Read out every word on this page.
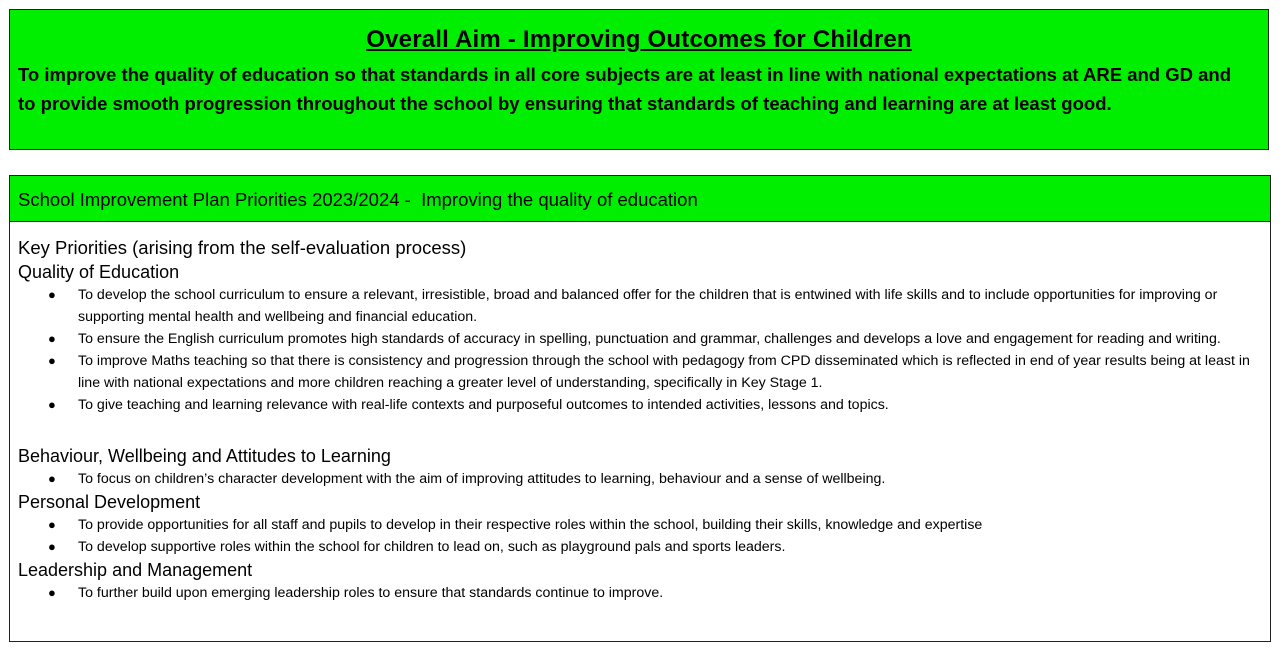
Overall Aim - Improving Outcomes for Children
To improve the quality of education so that standards in all core subjects are at least in line with national expectations at ARE and GD and to provide smooth progression throughout the school by ensuring that standards of teaching and learning are at least good.
School Improvement Plan Priorities 2023/2024 -  Improving the quality of education
Key Priorities (arising from the self-evaluation process)
Quality of Education
● To develop the school curriculum to ensure a relevant, irresistible, broad and balanced offer for the children that is entwined with life skills and to include opportunities for improving or supporting mental health and wellbeing and financial education.
● To ensure the English curriculum promotes high standards of accuracy in spelling, punctuation and grammar, challenges and develops a love and engagement for reading and writing.
● To improve Maths teaching so that there is consistency and progression through the school with pedagogy from CPD disseminated which is reflected in end of year results being at least in line with national expectations and more children reaching a greater level of understanding, specifically in Key Stage 1.
● To give teaching and learning relevance with real-life contexts and purposeful outcomes to intended activities, lessons and topics.
Behaviour, Wellbeing and Attitudes to Learning
● To focus on children’s character development with the aim of improving attitudes to learning, behaviour and a sense of wellbeing.
Personal Development
● To provide opportunities for all staff and pupils to develop in their respective roles within the school, building their skills, knowledge and expertise
● To develop supportive roles within the school for children to lead on, such as playground pals and sports leaders.
Leadership and Management
● To further build upon emerging leadership roles to ensure that standards continue to improve.
